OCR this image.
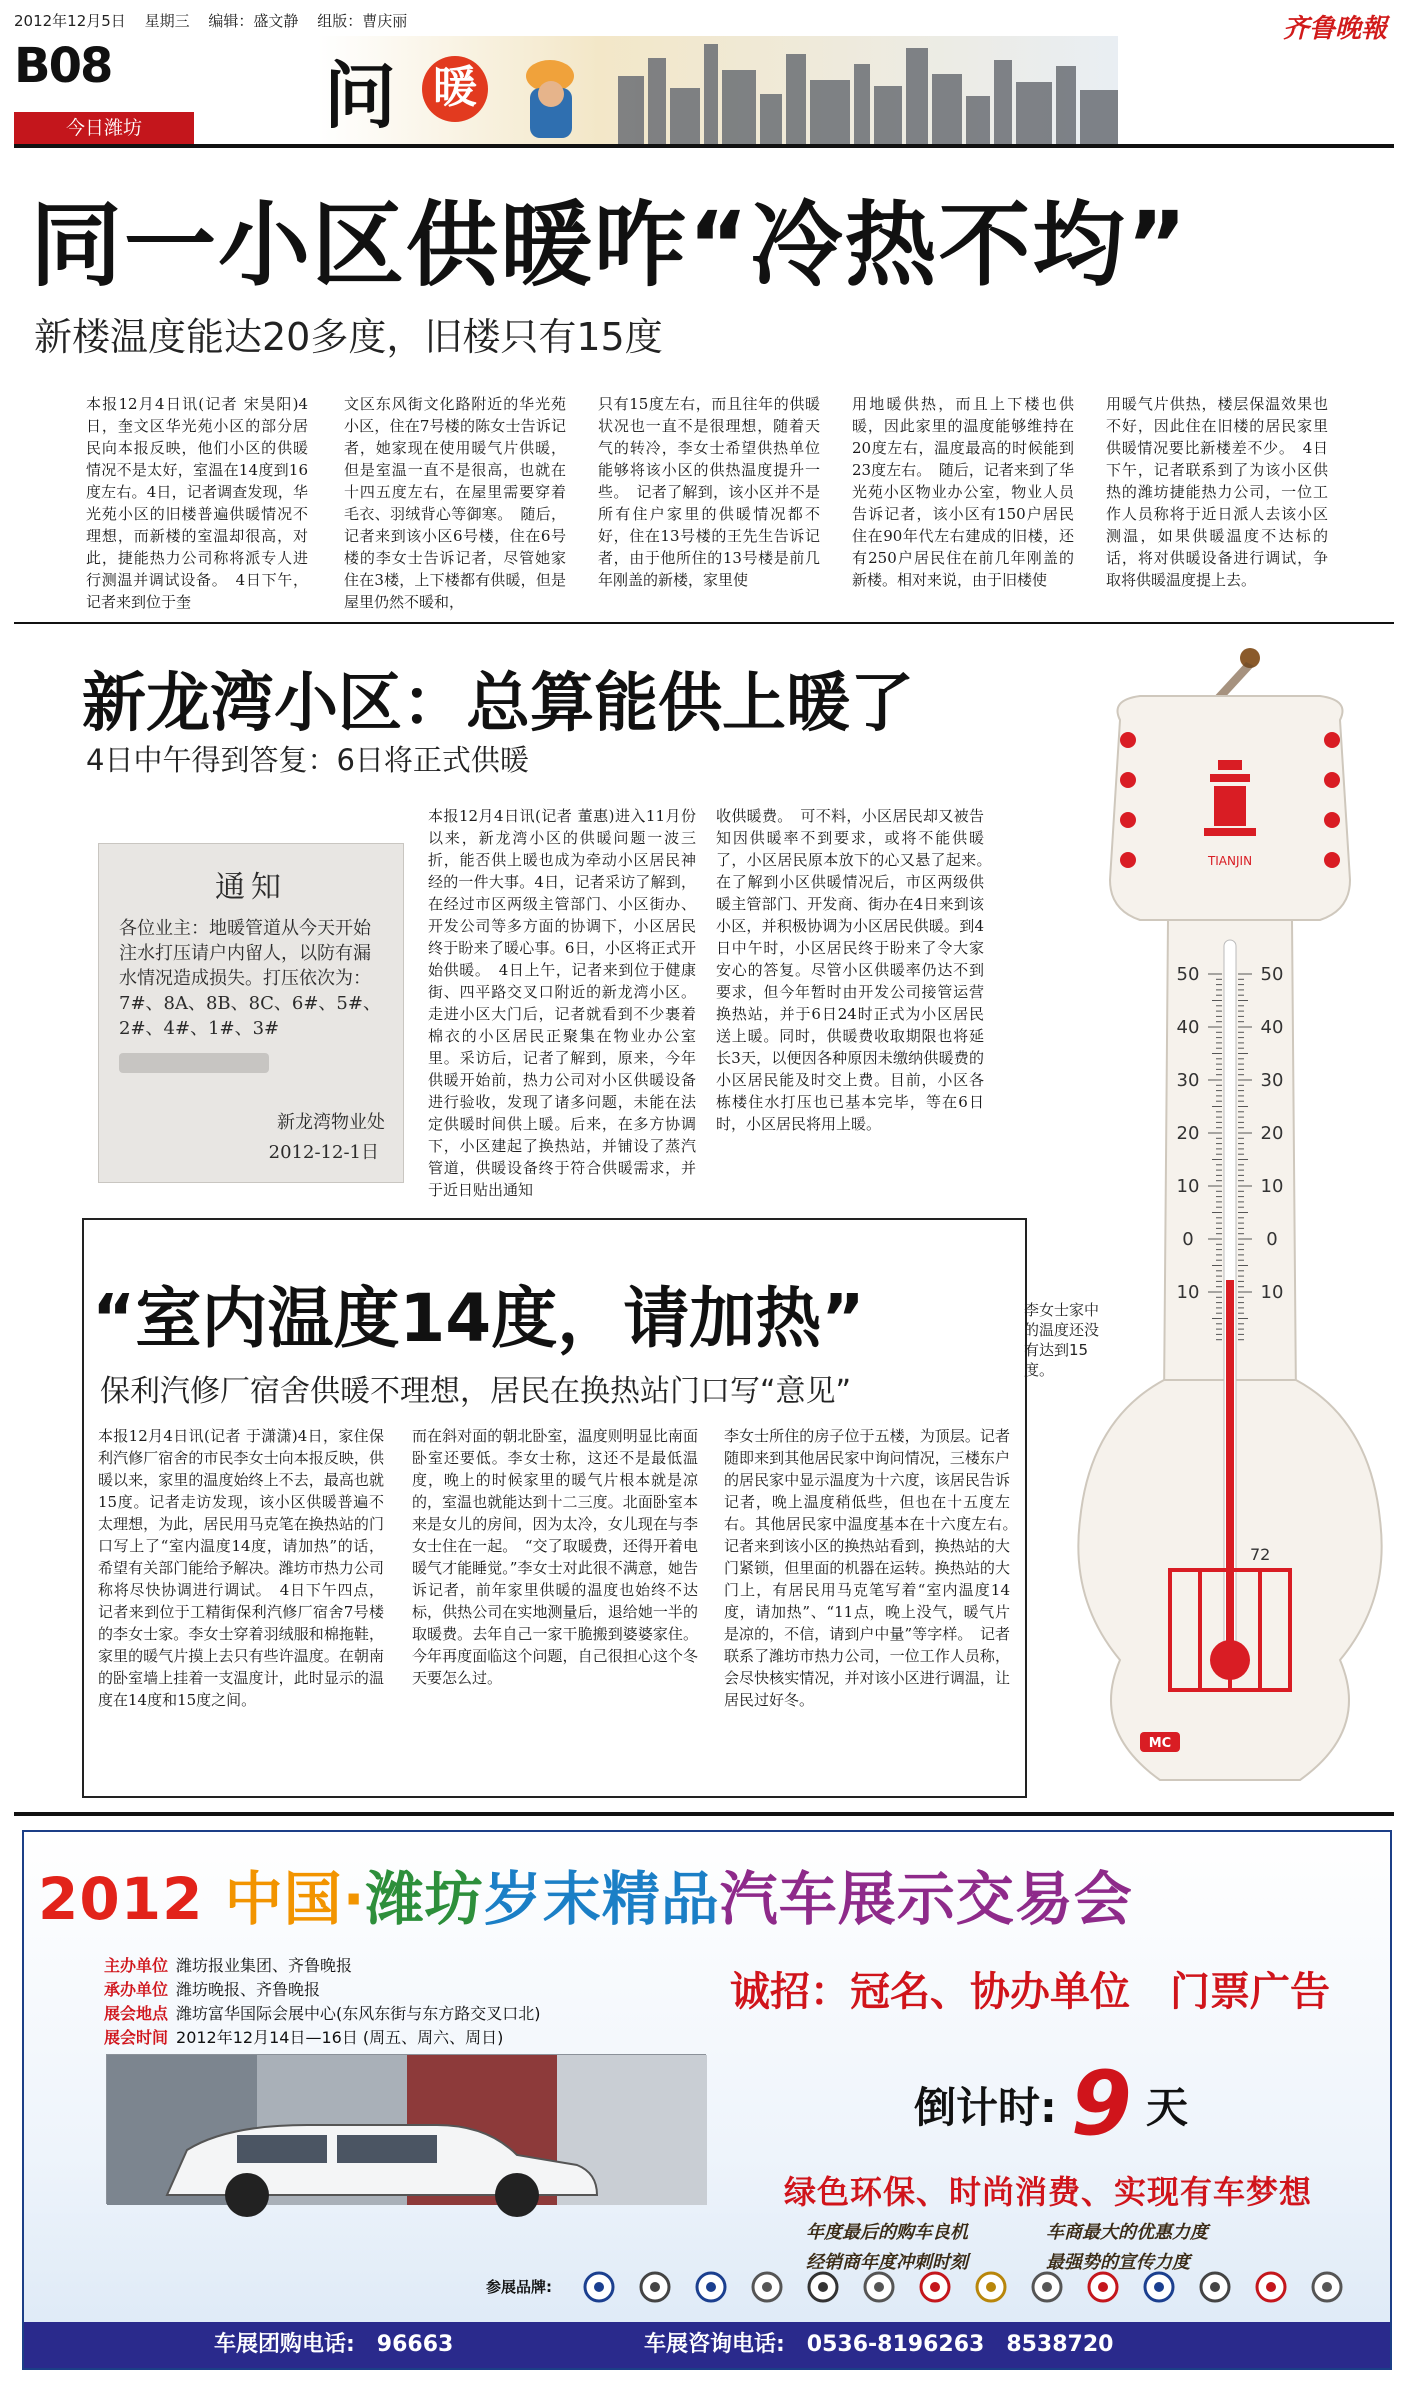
2012年12月5日 星期三 编辑：盛文静 组版：曹庆丽	齐鲁晚報
B08
今日潍坊	问 暖
同一小区供暖咋“冷热不均”
新楼温度能达20多度，旧楼只有15度
本报12月4日讯(记者 宋昊阳)4日，奎文区华光苑小区的部分居民向本报反映，他们小区的供暖情况不是太好，室温在14度到16度左右。4日，记者调查发现，华光苑小区的旧楼普遍供暖情况不理想，而新楼的室温却很高，对此，捷能热力公司称将派专人进行测温并调试设备。　4日下午，记者来到位于奎
文区东风街文化路附近的华光苑小区，住在7号楼的陈女士告诉记者，她家现在使用暖气片供暖，但是室温一直不是很高，也就在十四五度左右，在屋里需要穿着毛衣、羽绒背心等御寒。　随后，记者来到该小区6号楼，住在6号楼的李女士告诉记者，尽管她家住在3楼，上下楼都有供暖，但是屋里仍然不暖和，
只有15度左右，而且往年的供暖状况也一直不是很理想，随着天气的转冷，李女士希望供热单位能够将该小区的供热温度提升一些。　记者了解到，该小区并不是所有住户家里的供暖情况都不好，住在13号楼的王先生告诉记者，由于他所住的13号楼是前几年刚盖的新楼，家里使
用地暖供热，而且上下楼也供暖，因此家里的温度能够维持在20度左右，温度最高的时候能到23度左右。　随后，记者来到了华光苑小区物业办公室，物业人员告诉记者，该小区有150户居民住在90年代左右建成的旧楼，还有250户居民住在前几年刚盖的新楼。相对来说，由于旧楼使
用暖气片供热，楼层保温效果也不好，因此住在旧楼的居民家里供暖情况要比新楼差不少。　4日下午，记者联系到了为该小区供热的潍坊捷能热力公司，一位工作人员称将于近日派人去该小区测温，如果供暖温度不达标的话，将对供暖设备进行调试，争取将供暖温度提上去。
新龙湾小区：总算能供上暖了
4日中午得到答复：6日将正式供暖
通知
各位业主：地暖管道从今天开始注水打压请户内留人，以防有漏水情况造成损失。打压依次为：7#、8A、8B、8C、6#、5#、2#、4#、1#、3#
新龙湾物业处
2012-12-1日
本报12月4日讯(记者 董惠)进入11月份以来，新龙湾小区的供暖问题一波三折，能否供上暖也成为牵动小区居民神经的一件大事。4日，记者采访了解到，在经过市区两级主管部门、小区街办、开发公司等多方面的协调下，小区居民终于盼来了暖心事。6日，小区将正式开始供暖。　4日上午，记者来到位于健康街、四平路交叉口附近的新龙湾小区。走进小区大门后，记者就看到不少裹着棉衣的小区居民正聚集在物业办公室里。采访后，记者了解到，原来，今年供暖开始前，热力公司对小区供暖设备进行验收，发现了诸多问题，未能在法定供暖时间供上暖。后来，在多方协调下，小区建起了换热站，并铺设了蒸汽管道，供暖设备终于符合供暖需求，并于近日贴出通知
收供暖费。　可不料，小区居民却又被告知因供暖率不到要求，或将不能供暖了，小区居民原本放下的心又悬了起来。　在了解到小区供暖情况后，市区两级供暖主管部门、开发商、街办在4日来到该小区，并积极协调为小区居民供暖。到4日中午时，小区居民终于盼来了令大家安心的答复。尽管小区供暖率仍达不到要求，但今年暂时由开发公司接管运营换热站，并于6日24时正式为小区居民送上暖。同时，供暖费收取期限也将延长3天，以便因各种原因未缴纳供暖费的小区居民能及时交上费。目前，小区各栋楼住水打压也已基本完毕，等在6日时，小区居民将用上暖。
“室内温度14度，请加热”
保利汽修厂宿舍供暖不理想，居民在换热站门口写“意见”
本报12月4日讯(记者 于潇潇)4日，家住保利汽修厂宿舍的市民李女士向本报反映，供暖以来，家里的温度始终上不去，最高也就15度。记者走访发现，该小区供暖普遍不太理想，为此，居民用马克笔在换热站的门口写上了“室内温度14度，请加热”的话，希望有关部门能给予解决。潍坊市热力公司称将尽快协调进行调试。　4日下午四点，记者来到位于工精街保利汽修厂宿舍7号楼的李女士家。李女士穿着羽绒服和棉拖鞋，家里的暖气片摸上去只有些许温度。在朝南的卧室墙上挂着一支温度计，此时显示的温度在14度和15度之间。
而在斜对面的朝北卧室，温度则明显比南面卧室还要低。李女士称，这还不是最低温度，晚上的时候家里的暖气片根本就是凉的，室温也就能达到十二三度。北面卧室本来是女儿的房间，因为太冷，女儿现在与李女士住在一起。　“交了取暖费，还得开着电暖气才能睡觉。”李女士对此很不满意，她告诉记者，前年家里供暖的温度也始终不达标，供热公司在实地测量后，退给她一半的取暖费。去年自己一家干脆搬到婆婆家住。今年再度面临这个问题，自己很担心这个冬天要怎么过。
李女士所住的房子位于五楼，为顶层。记者随即来到其他居民家中询问情况，三楼东户的居民家中显示温度为十六度，该居民告诉记者，晚上温度稍低些，但也在十五度左右。其他居民家中温度基本在十六度左右。　记者来到该小区的换热站看到，换热站的大门紧锁，但里面的机器在运转。换热站的大门上，有居民用马克笔写着“室内温度14度，请加热”、“11点，晚上没气，暖气片是凉的，不信，请到户中量”等字样。　记者联系了潍坊市热力公司，一位工作人员称，会尽快核实情况，并对该小区进行调温，让居民过好冬。
李女士家中的温度还没有达到15度。
TIANJIN
MC
72
50	50
40	40
30	30
20	20
10	10
0	0
10	10
2012 中国·潍坊岁末精品汽车展示交易会
主办单位 潍坊报业集团、齐鲁晚报
承办单位 潍坊晚报、齐鲁晚报
展会地点 潍坊富华国际会展中心(东风东街与东方路交叉口北)
展会时间 2012年12月14日—16日 (周五、周六、周日)
诚招：冠名、协办单位　门票广告
倒计时: 9 天
绿色环保、时尚消费、实现有车梦想
年度最后的购车良机	车商最大的优惠力度
经销商年度冲刺时刻	最强势的宣传力度
参展品牌:
车展团购电话:　96663	车展咨询电话:　0536-8196263　8538720
